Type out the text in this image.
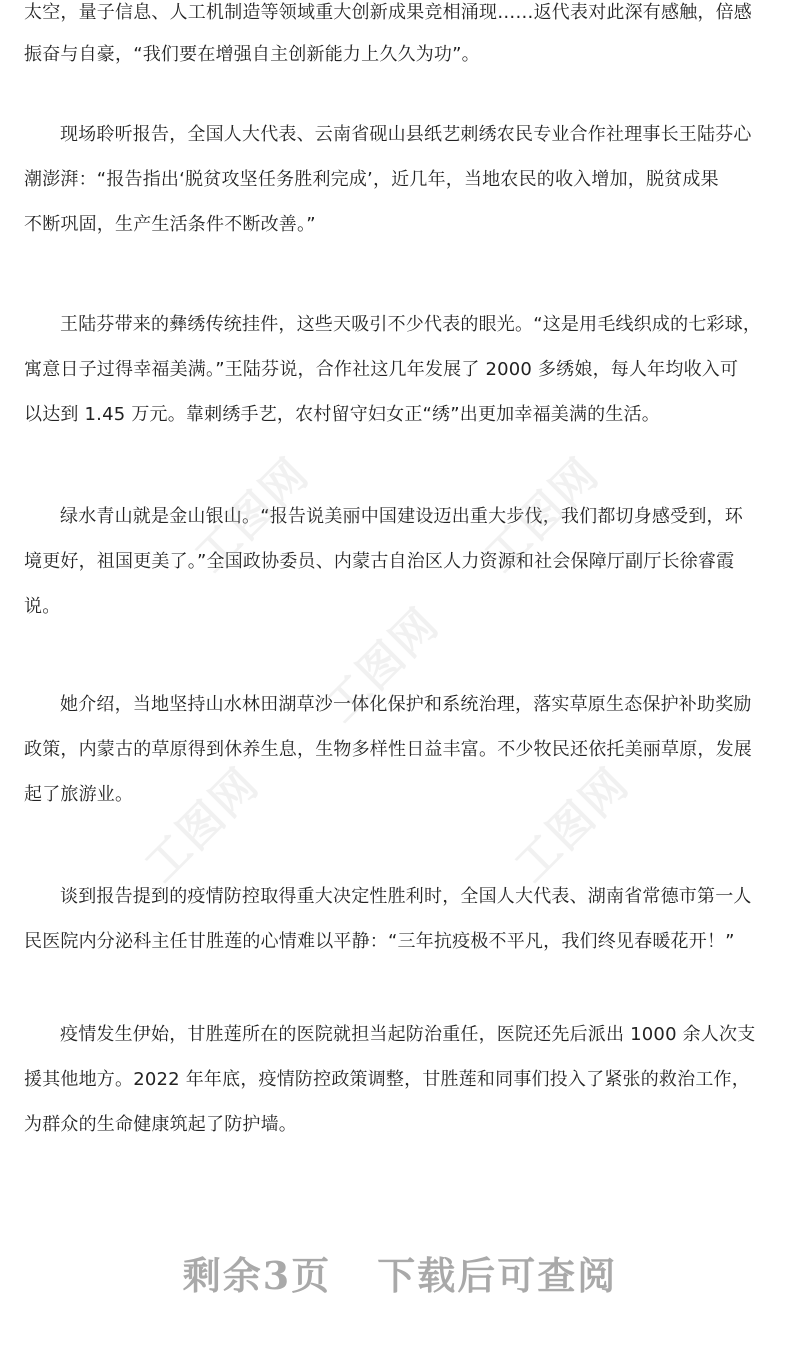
太空，量子信息、人工机制造等领域重大创新成果竞相涌现……返代表对此深有感触，倍感
振奋与自豪，“我们要在增强自主创新能力上久久为功”。
现场聆听报告，全国人大代表、云南省砚山县纸艺刺绣农民专业合作社理事长王陆芬心
潮澎湃：“报告指出‘脱贫攻坚任务胜利完成’，近几年，当地农民的收入增加，脱贫成果
不断巩固，生产生活条件不断改善。”
王陆芬带来的彝绣传统挂件，这些天吸引不少代表的眼光。“这是用毛线织成的七彩球，
寓意日子过得幸福美满。”王陆芬说，合作社这几年发展了 2000 多绣娘，每人年均收入可
以达到 1.45 万元。靠刺绣手艺，农村留守妇女正“绣”出更加幸福美满的生活。
绿水青山就是金山银山。“报告说美丽中国建设迈出重大步伐，我们都切身感受到，环
境更好，祖国更美了。”全国政协委员、内蒙古自治区人力资源和社会保障厅副厅长徐睿霞
说。
她介绍，当地坚持山水林田湖草沙一体化保护和系统治理，落实草原生态保护补助奖励
政策，内蒙古的草原得到休养生息，生物多样性日益丰富。不少牧民还依托美丽草原，发展
起了旅游业。
谈到报告提到的疫情防控取得重大决定性胜利时，全国人大代表、湖南省常德市第一人
民医院内分泌科主任甘胜莲的心情难以平静：“三年抗疫极不平凡，我们终见春暖花开！”
疫情发生伊始，甘胜莲所在的医院就担当起防治重任，医院还先后派出 1000 余人次支
援其他地方。2022 年年底，疫情防控政策调整，甘胜莲和同事们投入了紧张的救治工作，
为群众的生命健康筑起了防护墙。
工图网	工图网
工图网
工图网	工图网
剩余3页 下载后可查阅
